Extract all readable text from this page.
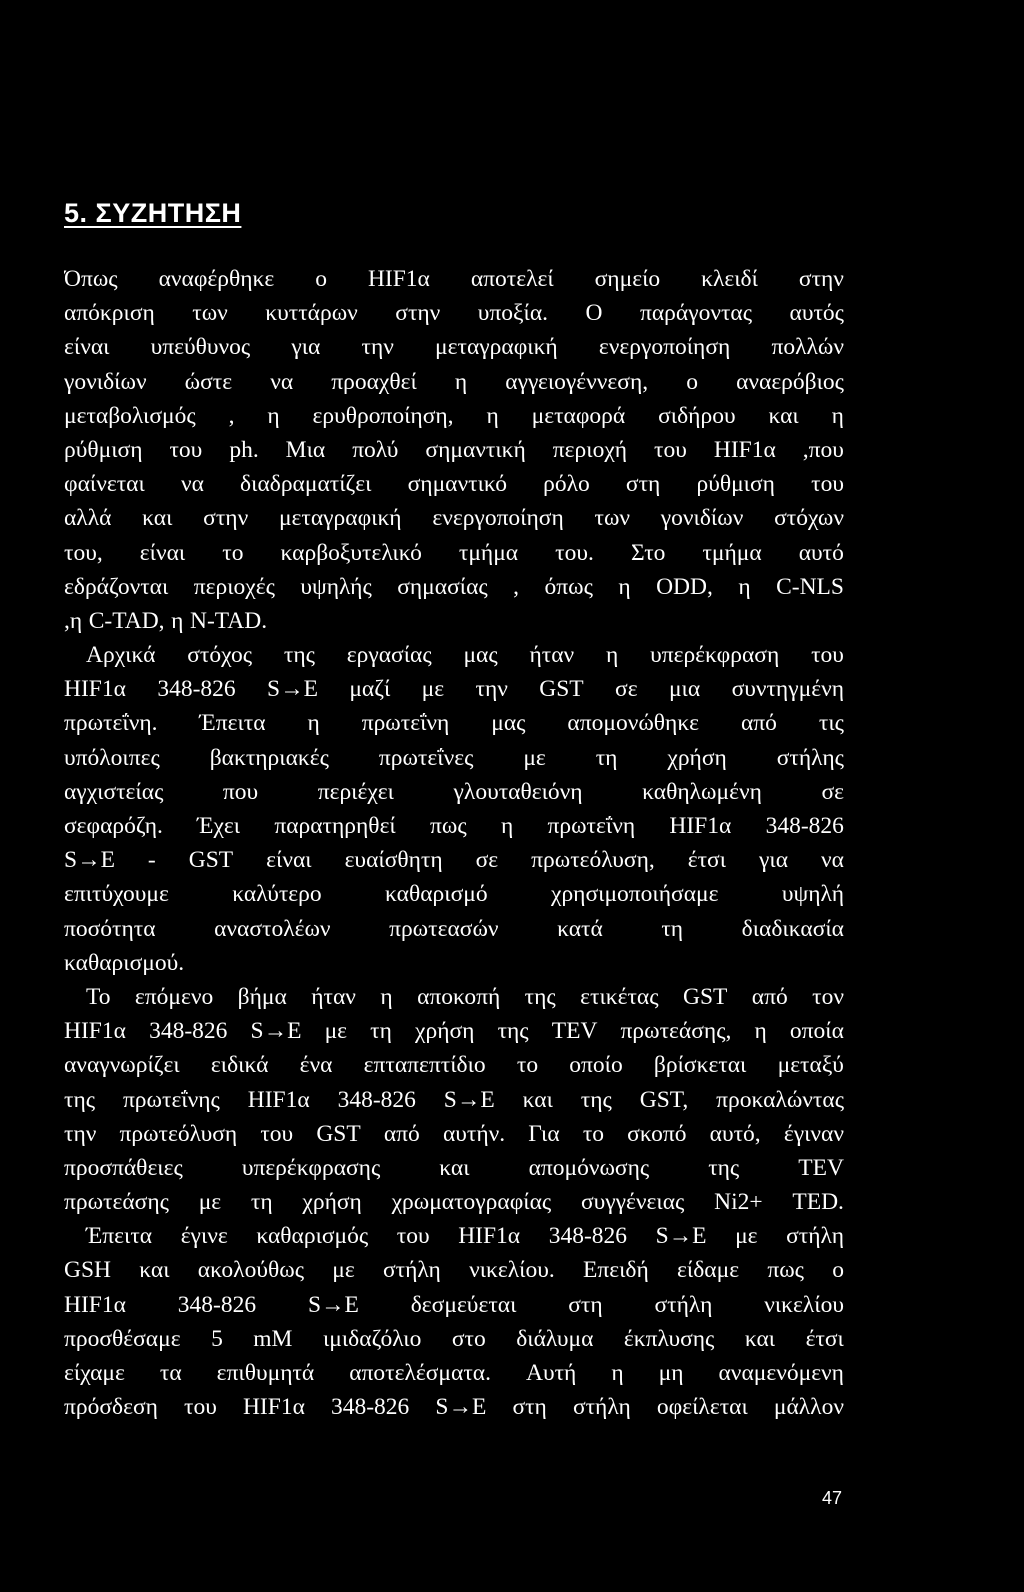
5. ΣΥΖΗΤΗΣΗ
Όπως αναφέρθηκε ο HIF1α αποτελεί σημείο κλειδί στην
απόκριση των κυττάρων στην υποξία. Ο παράγοντας αυτός
είναι υπεύθυνος για την μεταγραφική ενεργοποίηση πολλών
γονιδίων ώστε να προαχθεί η αγγειογέννεση, ο αναερόβιος
μεταβολισμός , η ερυθροποίηση, η μεταφορά σιδήρου και η
ρύθμιση του ph. Μια πολύ σημαντική περιοχή του HIF1α ,που
φαίνεται να διαδραματίζει σημαντικό ρόλο στη ρύθμιση του
αλλά και στην μεταγραφική ενεργοποίηση των γονιδίων στόχων
του, είναι το καρβοξυτελικό τμήμα του. Στο τμήμα αυτό
εδράζονται περιοχές υψηλής σημασίας , όπως η ODD, η C-NLS
,η C-TAD, η N-TAD.
Αρχικά στόχος της εργασίας μας ήταν η υπερέκφραση του
HIF1α 348-826 S→E μαζί με την GST σε μια συντηγμένη
πρωτεΐνη. Έπειτα η πρωτεΐνη μας απομονώθηκε από τις
υπόλοιπες βακτηριακές πρωτεΐνες με τη χρήση στήλης
αγχιστείας	που	περιέχει	γλουταθειόνη	καθηλωμένη	σε
σεφαρόζη. Έχει παρατηρηθεί πως η πρωτεΐνη HIF1α 348-826
S→E - GST είναι ευαίσθητη σε πρωτεόλυση, έτσι για να
επιτύχουμε	καλύτερο	καθαρισμό	χρησιμοποιήσαμε	υψηλή
ποσότητα αναστολέων πρωτεασών κατά τη διαδικασία
καθαρισμού.
Το επόμενο βήμα ήταν η αποκοπή της ετικέτας GST από τον
HIF1α 348-826 S→E με τη χρήση της TEV πρωτεάσης, η οποία
αναγνωρίζει ειδικά ένα επταπεπτίδιο το οποίο βρίσκεται μεταξύ
της πρωτεΐνης HIF1α 348-826 S→E και της GST, προκαλώντας
την πρωτεόλυση του GST από αυτήν. Για το σκοπό αυτό, έγιναν
προσπάθειες	υπερέκφρασης	και	απομόνωσης	της	TEV
πρωτεάσης με τη χρήση χρωματογραφίας συγγένειας Ni2+ TED.
Έπειτα έγινε καθαρισμός του HIF1α 348-826 S→E με στήλη
GSH και ακολούθως με στήλη νικελίου. Επειδή είδαμε πως ο
HIF1α 348-826 S→E δεσμεύεται στη στήλη νικελίου
προσθέσαμε 5 mM ιμιδαζόλιο στο διάλυμα έκπλυσης και έτσι
είχαμε τα επιθυμητά αποτελέσματα. Αυτή η μη αναμενόμενη
πρόσδεση του HIF1α 348-826 S→E στη στήλη οφείλεται μάλλον
47
